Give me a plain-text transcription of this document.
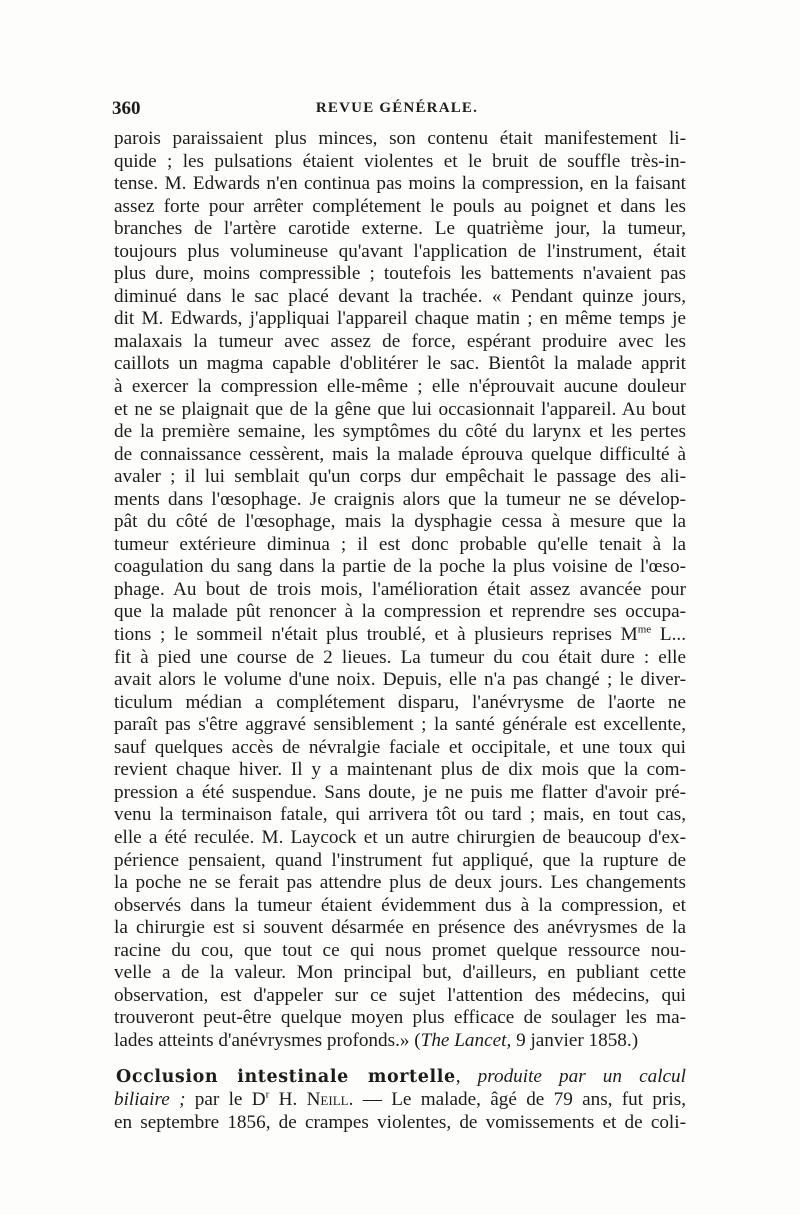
360	REVUE GÉNÉRALE.
parois paraissaient plus minces, son contenu était manifestement li-
quide ; les pulsations étaient violentes et le bruit de souffle très-in-
tense. M. Edwards n'en continua pas moins la compression, en la faisant
assez forte pour arrêter complétement le pouls au poignet et dans les
branches de l'artère carotide externe. Le quatrième jour, la tumeur,
toujours plus volumineuse qu'avant l'application de l'instrument, était
plus dure, moins compressible ; toutefois les battements n'avaient pas
diminué dans le sac placé devant la trachée. « Pendant quinze jours,
dit M. Edwards, j'appliquai l'appareil chaque matin ; en même temps je
malaxais la tumeur avec assez de force, espérant produire avec les
caillots un magma capable d'oblitérer le sac. Bientôt la malade apprit
à exercer la compression elle-même ; elle n'éprouvait aucune douleur
et ne se plaignait que de la gêne que lui occasionnait l'appareil. Au bout
de la première semaine, les symptômes du côté du larynx et les pertes
de connaissance cessèrent, mais la malade éprouva quelque difficulté à
avaler ; il lui semblait qu'un corps dur empêchait le passage des ali-
ments dans l'œsophage. Je craignis alors que la tumeur ne se dévelop-
pât du côté de l'œsophage, mais la dysphagie cessa à mesure que la
tumeur extérieure diminua ; il est donc probable qu'elle tenait à la
coagulation du sang dans la partie de la poche la plus voisine de l'œso-
phage. Au bout de trois mois, l'amélioration était assez avancée pour
que la malade pût renoncer à la compression et reprendre ses occupa-
tions ; le sommeil n'était plus troublé, et à plusieurs reprises $M^{me}$ L...
fit à pied une course de 2 lieues. La tumeur du cou était dure : elle
avait alors le volume d'une noix. Depuis, elle n'a pas changé ; le diver-
ticulum médian a complétement disparu, l'anévrysme de l'aorte ne
paraît pas s'être aggravé sensiblement ; la santé générale est excellente,
sauf quelques accès de névralgie faciale et occipitale, et une toux qui
revient chaque hiver. Il y a maintenant plus de dix mois que la com-
pression a été suspendue. Sans doute, je ne puis me flatter d'avoir pré-
venu la terminaison fatale, qui arrivera tôt ou tard ; mais, en tout cas,
elle a été reculée. M. Laycock et un autre chirurgien de beaucoup d'ex-
périence pensaient, quand l'instrument fut appliqué, que la rupture de
la poche ne se ferait pas attendre plus de deux jours. Les changements
observés dans la tumeur étaient évidemment dus à la compression, et
la chirurgie est si souvent désarmée en présence des anévrysmes de la
racine du cou, que tout ce qui nous promet quelque ressource nou-
velle a de la valeur. Mon principal but, d'ailleurs, en publiant cette
observation, est d'appeler sur ce sujet l'attention des médecins, qui
trouveront peut-être quelque moyen plus efficace de soulager les ma-
lades atteints d'anévrysmes profonds.» (The Lancet, 9 janvier 1858.)
Occlusion intestinale mortelle, produite par un calcul
biliaire ; par le $D^r$ H. Neill. — Le malade, âgé de 79 ans, fut pris,
en septembre 1856, de crampes violentes, de vomissements et de coli-
